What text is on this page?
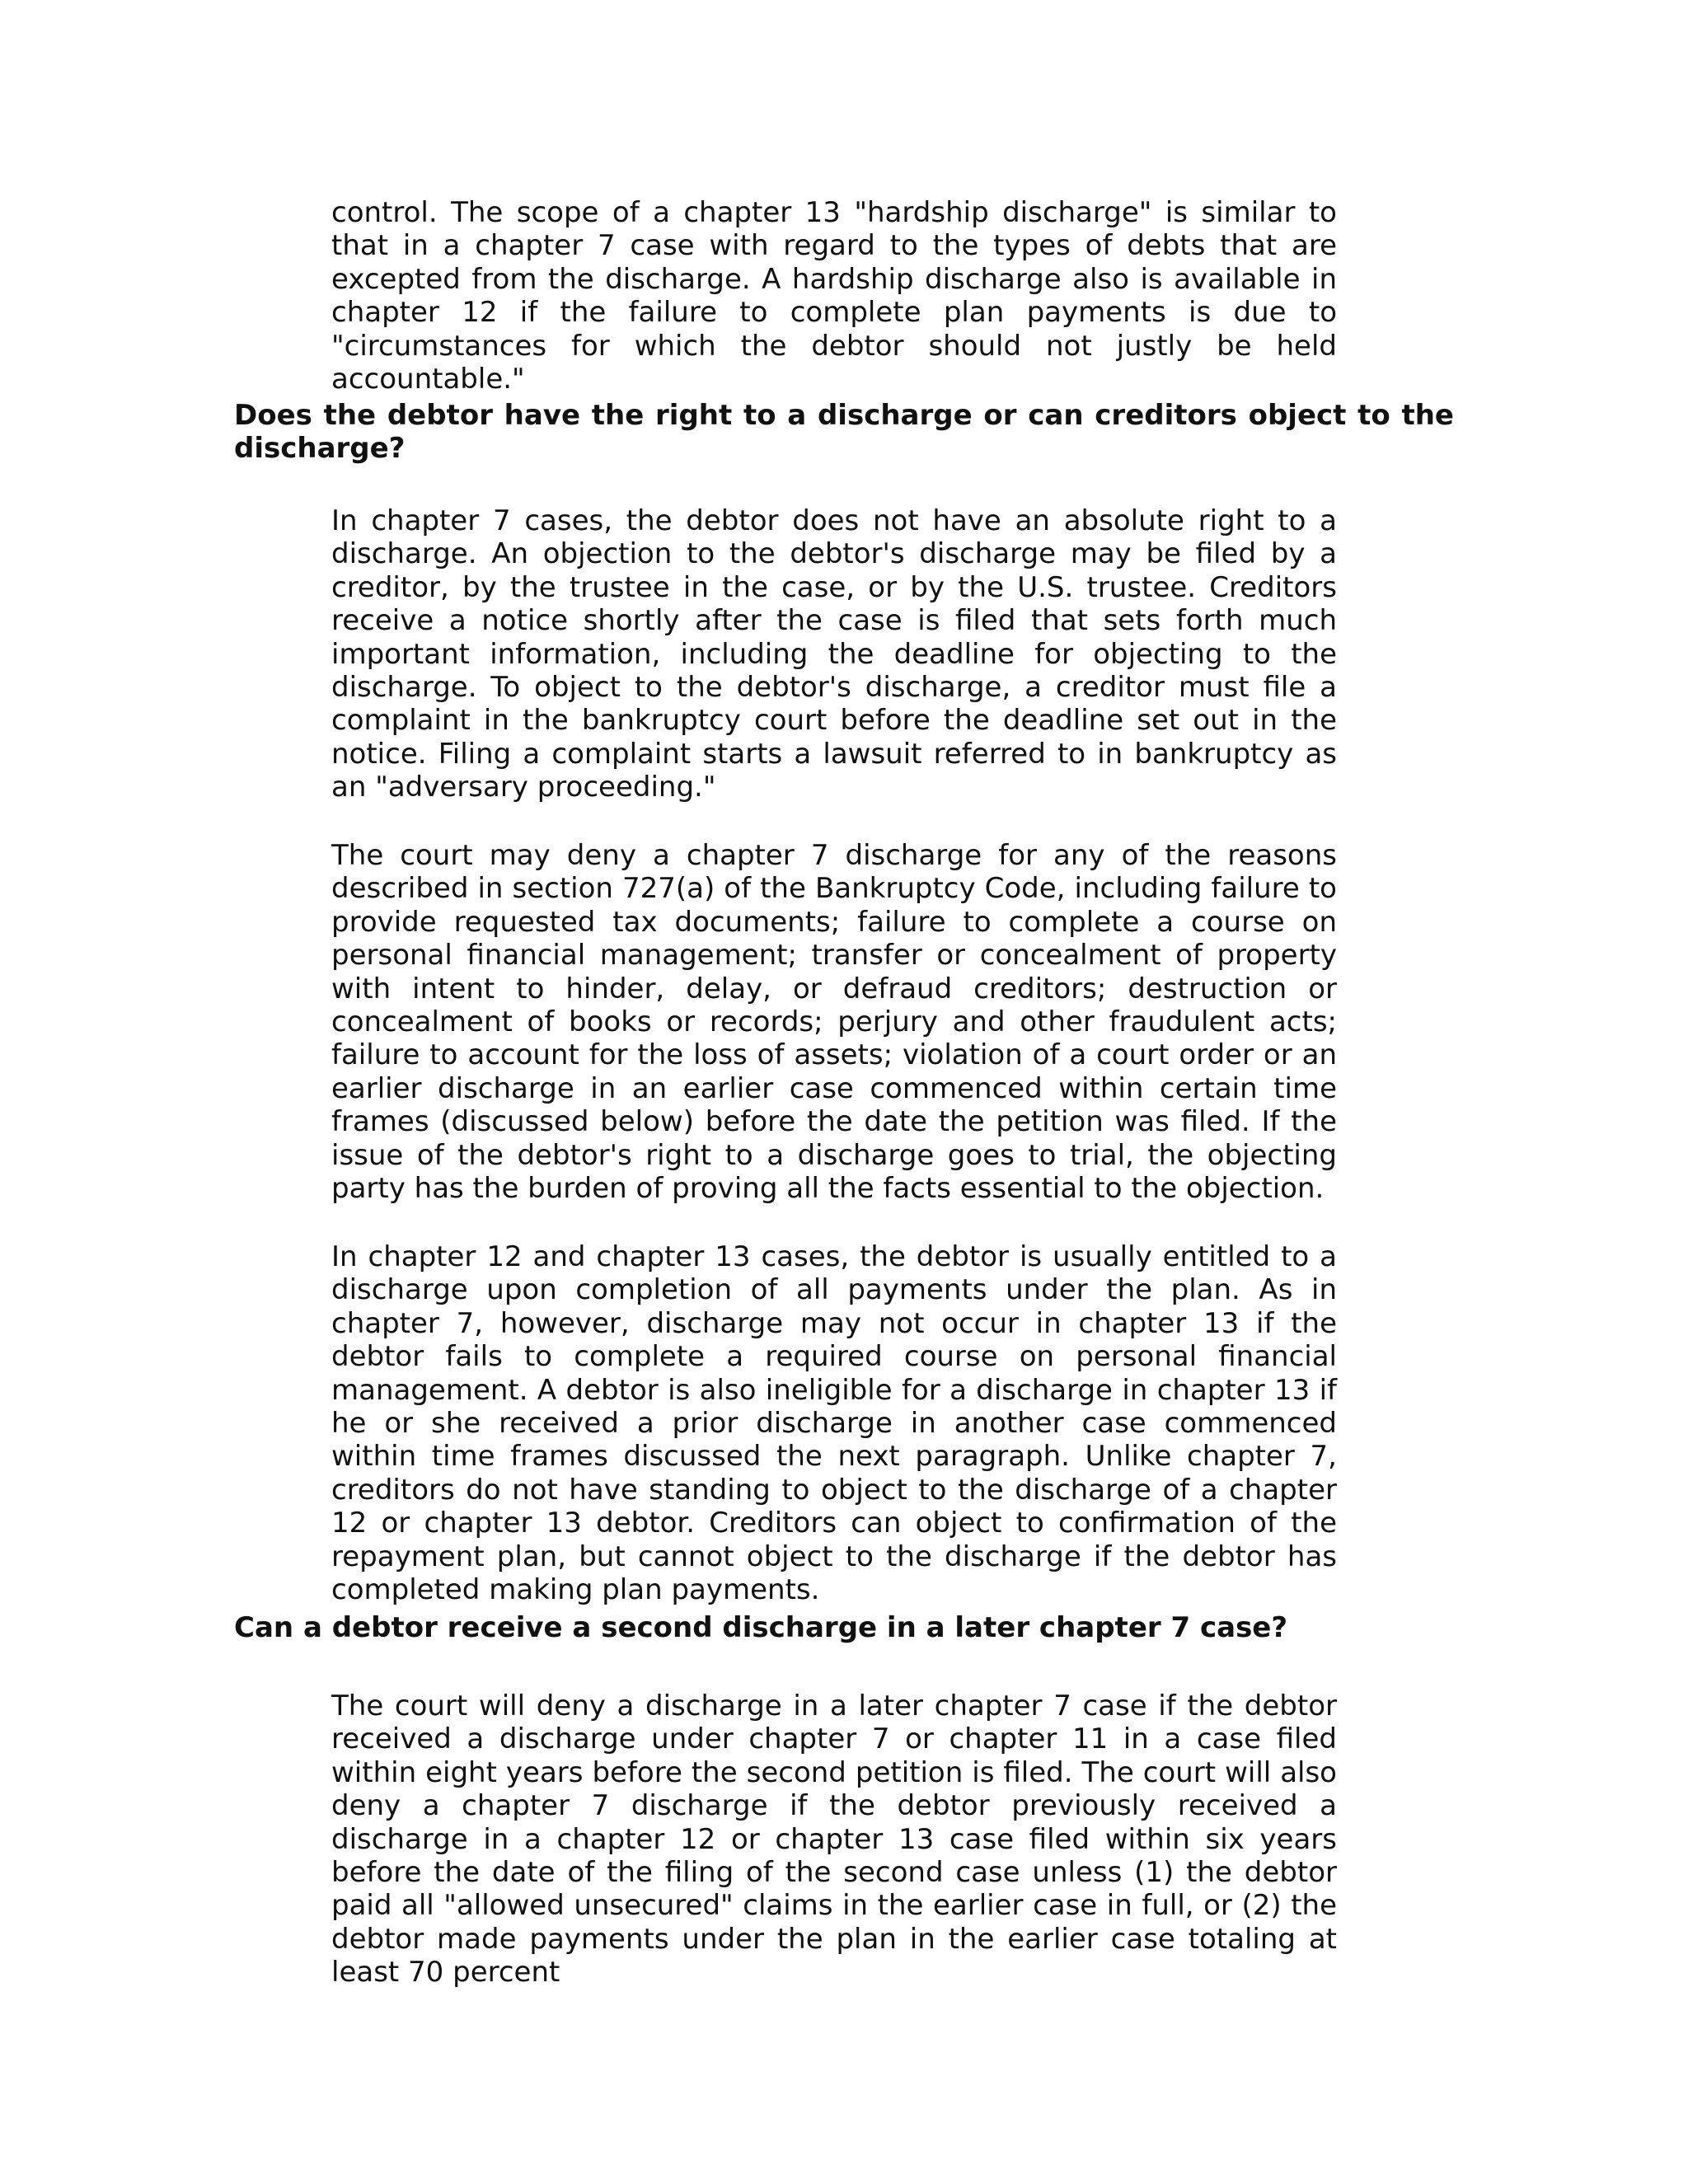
control. The scope of a chapter 13 "hardship discharge" is similar to that in a chapter 7 case with regard to the types of debts that are excepted from the discharge. A hardship discharge also is available in chapter 12 if the failure to complete plan payments is due to "circumstances for which the debtor should not justly be held accountable."

Does the debtor have the right to a discharge or can creditors object to the discharge?

In chapter 7 cases, the debtor does not have an absolute right to a discharge. An objection to the debtor's discharge may be filed by a creditor, by the trustee in the case, or by the U.S. trustee. Creditors receive a notice shortly after the case is filed that sets forth much important information, including the deadline for objecting to the discharge. To object to the debtor's discharge, a creditor must file a complaint in the bankruptcy court before the deadline set out in the notice. Filing a complaint starts a lawsuit referred to in bankruptcy as an "adversary proceeding."

The court may deny a chapter 7 discharge for any of the reasons described in section 727(a) of the Bankruptcy Code, including failure to provide requested tax documents; failure to complete a course on personal financial management; transfer or concealment of property with intent to hinder, delay, or defraud creditors; destruction or concealment of books or records; perjury and other fraudulent acts; failure to account for the loss of assets; violation of a court order or an earlier discharge in an earlier case commenced within certain time frames (discussed below) before the date the petition was filed. If the issue of the debtor's right to a discharge goes to trial, the objecting party has the burden of proving all the facts essential to the objection.

In chapter 12 and chapter 13 cases, the debtor is usually entitled to a discharge upon completion of all payments under the plan. As in chapter 7, however, discharge may not occur in chapter 13 if the debtor fails to complete a required course on personal financial management. A debtor is also ineligible for a discharge in chapter 13 if he or she received a prior discharge in another case commenced within time frames discussed the next paragraph. Unlike chapter 7, creditors do not have standing to object to the discharge of a chapter 12 or chapter 13 debtor. Creditors can object to confirmation of the repayment plan, but cannot object to the discharge if the debtor has completed making plan payments.

Can a debtor receive a second discharge in a later chapter 7 case?

The court will deny a discharge in a later chapter 7 case if the debtor received a discharge under chapter 7 or chapter 11 in a case filed within eight years before the second petition is filed. The court will also deny a chapter 7 discharge if the debtor previously received a discharge in a chapter 12 or chapter 13 case filed within six years before the date of the filing of the second case unless (1) the debtor paid all "allowed unsecured" claims in the earlier case in full, or (2) the debtor made payments under the plan in the earlier case totaling at least 70 percent
